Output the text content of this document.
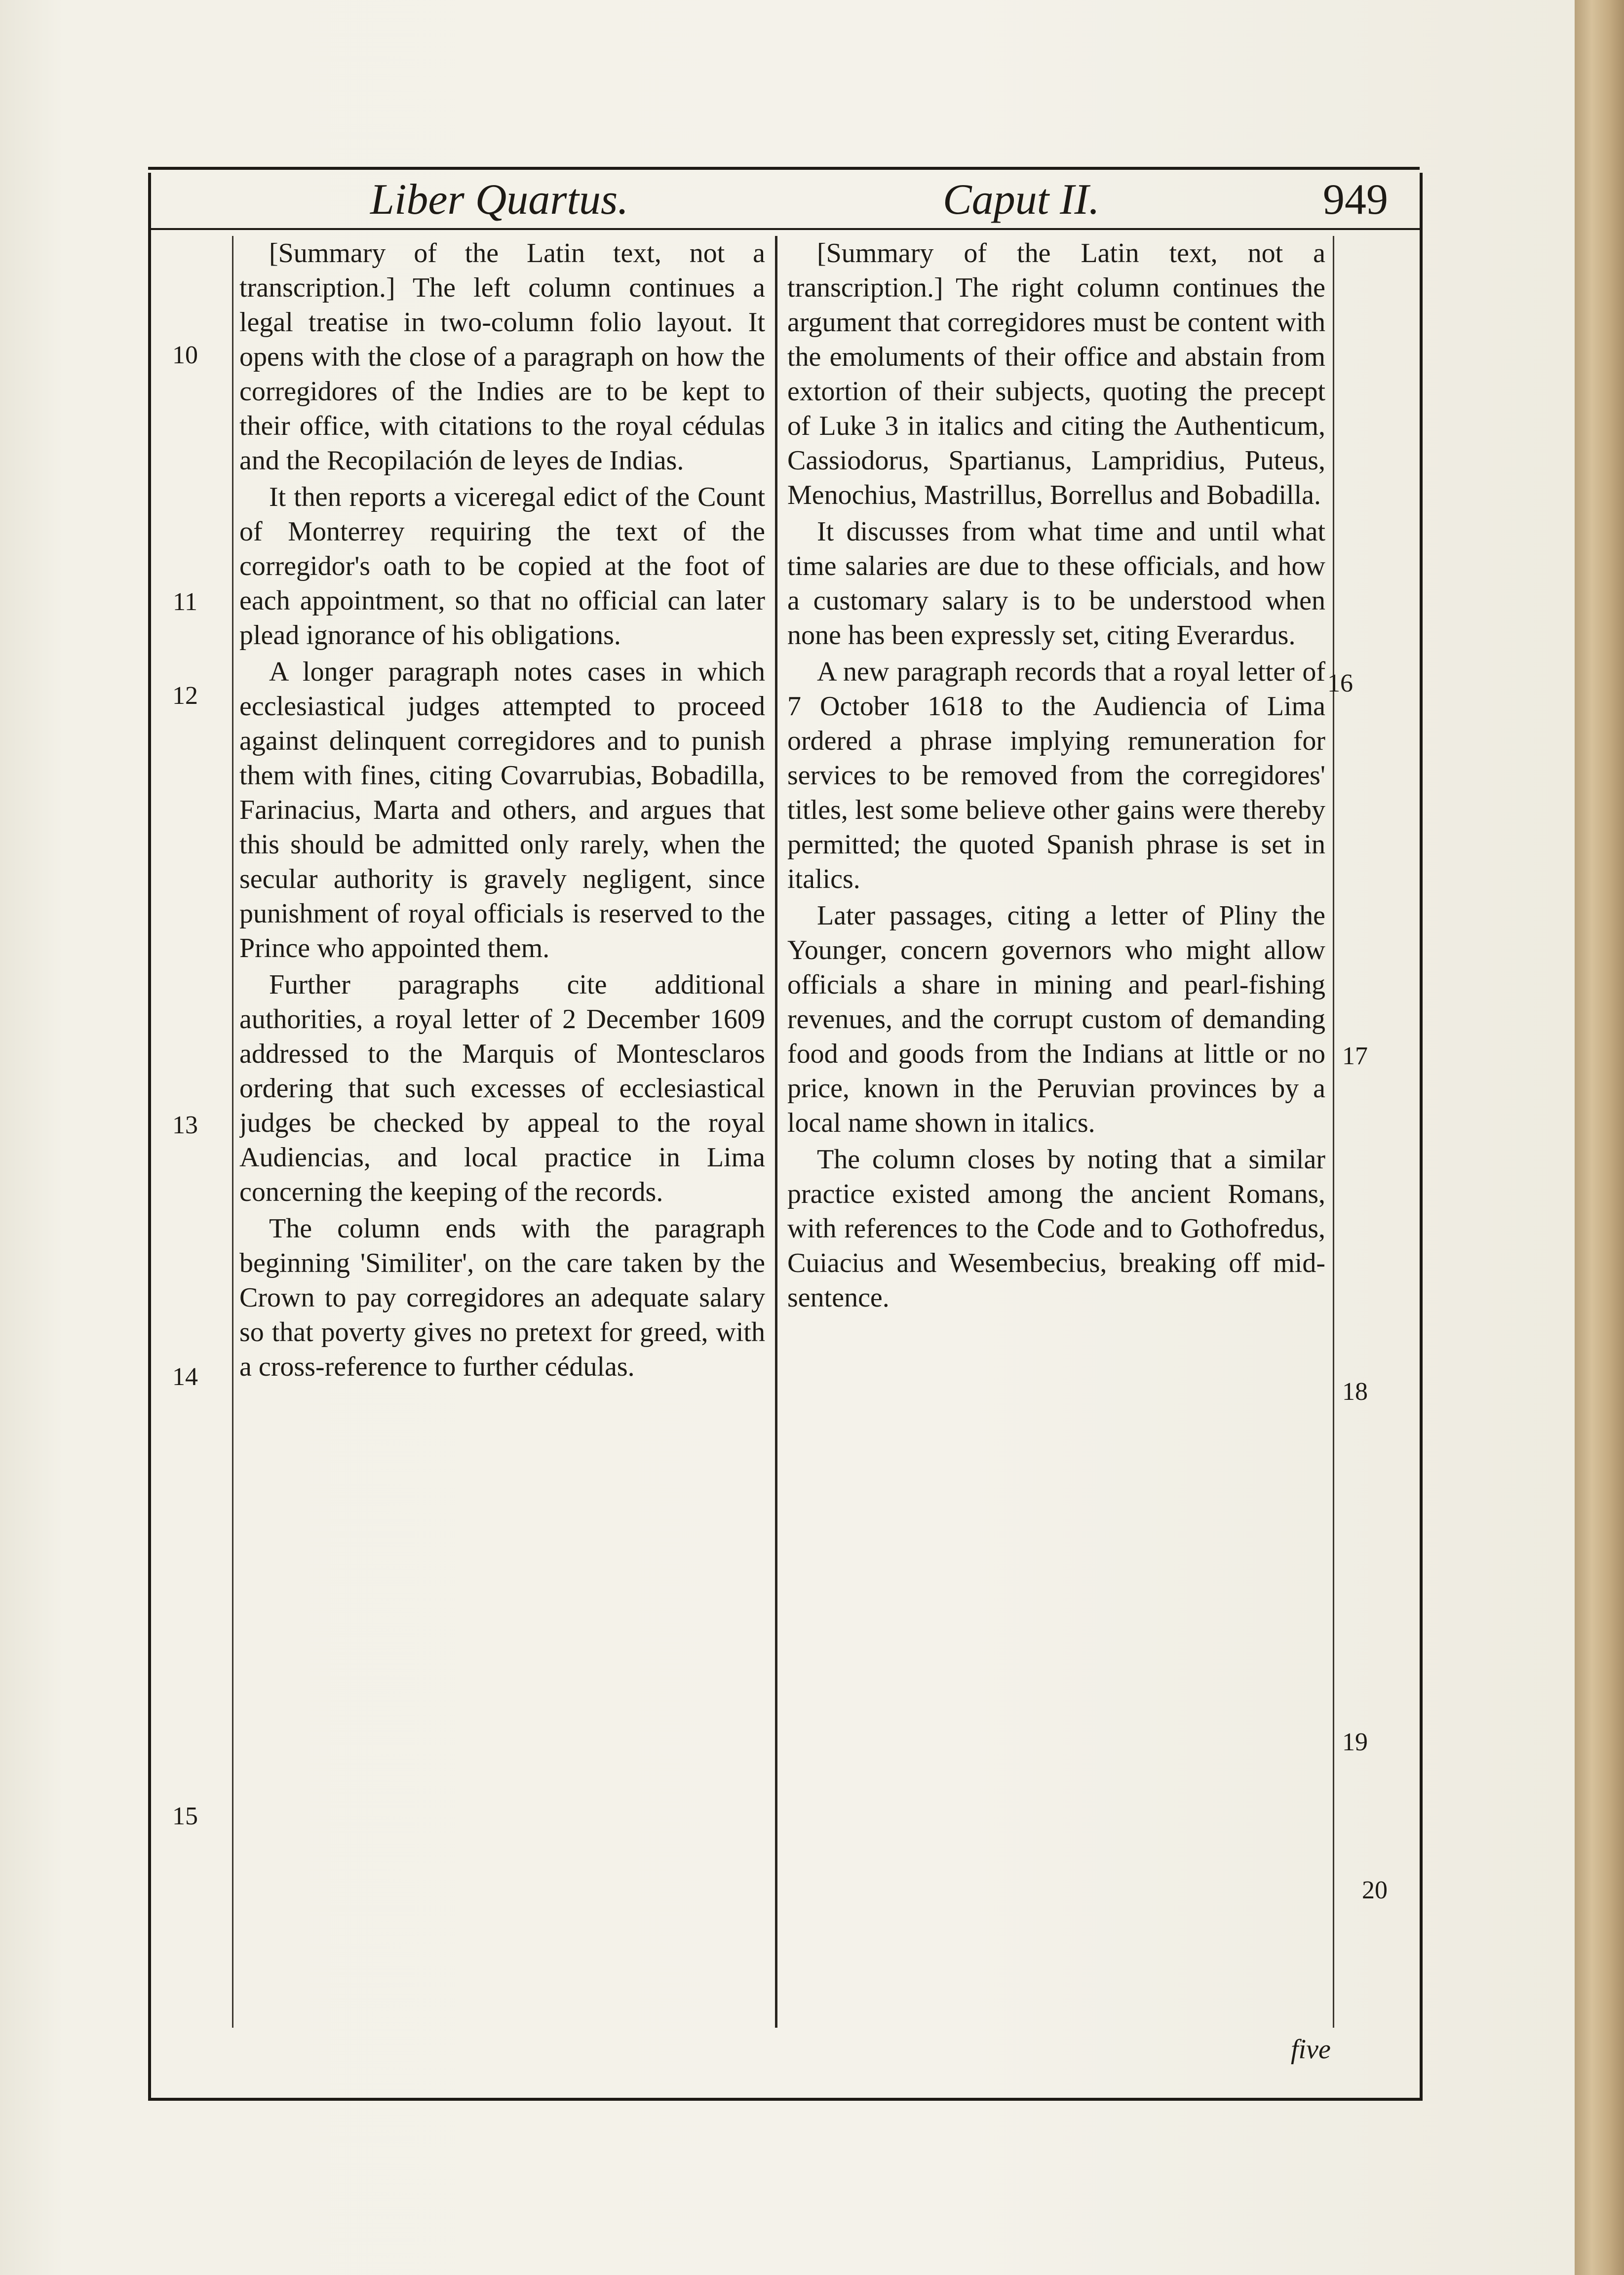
Liber Quartus.	Caput II.	949
10
11
12
13
14
15
16
17
18
19
20

[Summary of the Latin text, not a transcription.] The left column continues a legal treatise in two-column folio layout. It opens with the close of a paragraph on how the corregidores of the Indies are to be kept to their office, with citations to the royal cédulas and the Recopilación de leyes de Indias.

It then reports a viceregal edict of the Count of Monterrey requiring the text of the corregidor's oath to be copied at the foot of each appointment, so that no official can later plead ignorance of his obligations.

A longer paragraph notes cases in which ecclesiastical judges attempted to proceed against delinquent corregidores and to punish them with fines, citing Covarrubias, Bobadilla, Farinacius, Marta and others, and argues that this should be admitted only rarely, when the secular authority is gravely negligent, since punishment of royal officials is reserved to the Prince who appointed them.

Further paragraphs cite additional authorities, a royal letter of 2 December 1609 addressed to the Marquis of Montesclaros ordering that such excesses of ecclesiastical judges be checked by appeal to the royal Audiencias, and local practice in Lima concerning the keeping of the records.

The column ends with the paragraph beginning 'Similiter', on the care taken by the Crown to pay corregidores an adequate salary so that poverty gives no pretext for greed, with a cross-reference to further cédulas.

[Summary of the Latin text, not a transcription.] The right column continues the argument that corregidores must be content with the emoluments of their office and abstain from extortion of their subjects, quoting the precept of Luke 3 in italics and citing the Authenticum, Cassiodorus, Spartianus, Lampridius, Puteus, Menochius, Mastrillus, Borrellus and Bobadilla.

It discusses from what time and until what time salaries are due to these officials, and how a customary salary is to be understood when none has been expressly set, citing Everardus.

A new paragraph records that a royal letter of 7 October 1618 to the Audiencia of Lima ordered a phrase implying remuneration for services to be removed from the corregidores' titles, lest some believe other gains were thereby permitted; the quoted Spanish phrase is set in italics.

Later passages, citing a letter of Pliny the Younger, concern governors who might allow officials a share in mining and pearl-fishing revenues, and the corrupt custom of demanding food and goods from the Indians at little or no price, known in the Peruvian provinces by a local name shown in italics.

The column closes by noting that a similar practice existed among the ancient Romans, with references to the Code and to Gothofredus, Cuiacius and Wesembecius, breaking off mid-sentence.

five
